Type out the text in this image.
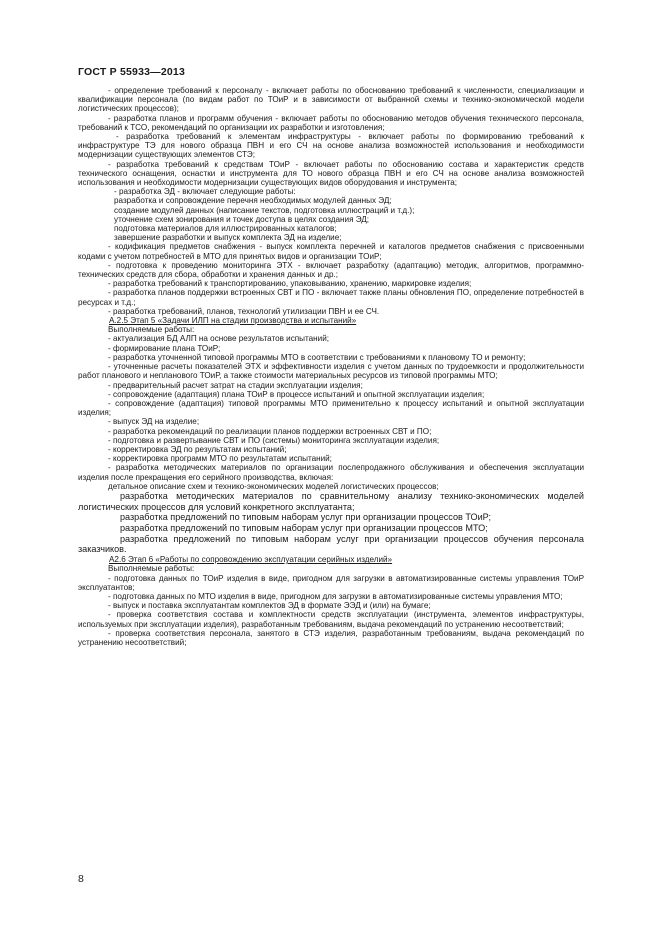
ГОСТ Р 55933—2013

- определение требований к персоналу - включает работы по обоснованию требований к численности, специализации и квалификации персонала (по видам работ по ТОиР и в зависимости от выбранной схемы и технико-экономической модели логистических процессов);

- разработка планов и программ обучения - включает работы по обоснованию методов обучения технического персонала, требований к ТСО, рекомендаций по организации их разработки и изготовления;

- разработка требований к элементам инфраструктуры - включает работы по формированию требований к инфраструктуре ТЭ для нового образца ПВН и его СЧ на основе анализа возможностей использования и необходимости модернизации существующих элементов СТЭ;

- разработка требований к средствам ТОиР - включает работы по обоснованию состава и характеристик средств технического оснащения, оснастки и инструмента для ТО нового образца ПВН и его СЧ на основе анализа возможностей использования и необходимости модернизации существующих видов оборудования и инструмента;

- разработка ЭД - включает следующие работы:

разработка и сопровождение перечня необходимых модулей данных ЭД;

создание модулей данных (написание текстов, подготовка иллюстраций и т.д.);

уточнение схем зонирования и точек доступа в целях создания ЭД;

подготовка материалов для иллюстрированных каталогов;

завершение разработки и выпуск комплекта ЭД на изделие;

- кодификация предметов снабжения - выпуск комплекта перечней и каталогов предметов снабжения с присвоенными кодами с учетом потребностей в МТО для принятых видов и организации ТОиР;

- подготовка к проведению мониторинга ЭТХ - включает разработку (адаптацию) методик, алгоритмов, программно-технических средств для сбора, обработки и хранения данных и др.;

- разработка требований к транспортированию, упаковыванию, хранению, маркировке изделия;

- разработка планов поддержки встроенных СВТ и ПО - включает также планы обновления ПО, определение потребностей в ресурсах и т.д.;

- разработка требований, планов, технологий утилизации ПВН и ее СЧ.

А.2.5 Этап 5 «Задачи ИЛП на стадии производства и испытаний»

Выполняемые работы:

- актуализация БД АЛП на основе результатов испытаний;

- формирование плана ТОиР;

- разработка уточненной типовой программы МТО в соответствии с требованиями к плановому ТО и ремонту;

- уточненные расчеты показателей ЭТХ и эффективности изделия с учетом данных по трудоемкости и продолжительности работ планового и непланового ТОиР, а также стоимости материальных ресурсов из типовой программы МТО;

- предварительный расчет затрат на стадии эксплуатации изделия;

- сопровождение (адаптация) плана ТОиР в процессе испытаний и опытной эксплуатации изделия;

- сопровождение (адаптация) типовой программы МТО применительно к процессу испытаний и опытной эксплуатации изделия;

- выпуск ЭД на изделие;

- разработка рекомендаций по реализации планов поддержки встроенных СВТ и ПО;

- подготовка и развертывание СВТ и ПО (системы) мониторинга эксплуатации изделия;

- корректировка ЭД по результатам испытаний;

- корректировка программ МТО по результатам испытаний;

- разработка методических материалов по организации послепродажного обслуживания и обеспечения эксплуатации изделия после прекращения его серийного производства, включая:

детальное описание схем и технико-экономических моделей логистических процессов;

разработка методических материалов по сравнительному анализу технико-экономических моделей логистических процессов для условий конкретного эксплуатанта;

разработка предложений по типовым наборам услуг при организации процессов ТОиР;

разработка предложений по типовым наборам услуг при организации процессов МТО;

разработка предложений по типовым наборам услуг при организации процессов обучения персонала заказчиков.

А2.6 Этап 6 «Работы по сопровождению эксплуатации серийных изделий»

Выполняемые работы:

- подготовка данных по ТОиР изделия в виде, пригодном для загрузки в автоматизированные системы управления ТОиР эксплуатантов;

- подготовка данных по МТО изделия в виде, пригодном для загрузки в автоматизированные системы управления МТО;

- выпуск и поставка эксплуатантам комплектов ЭД в формате ЭЭД и (или) на бумаге;

- проверка соответствия состава и комплектности средств эксплуатации (инструмента, элементов инфраструктуры, используемых при эксплуатации изделия), разработанным требованиям, выдача рекомендаций по устранению несоответствий;

- проверка соответствия персонала, занятого в СТЭ изделия, разработанным требованиям, выдача рекомендаций по устранению несоответствий;

8
